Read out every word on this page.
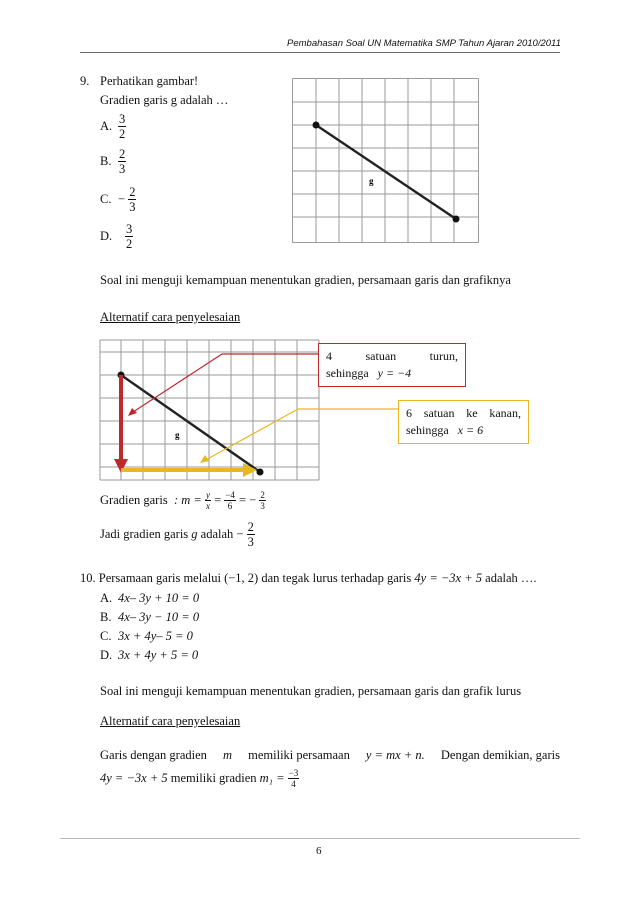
Pembahasan Soal UN Matematika SMP Tahun Ajaran 2010/2011
9. Perhatikan gambar!
Gradien garis g adalah …
A. $\frac{3}{2}$
B. $\frac{2}{3}$
C. − $\frac{2}{3}$
D. $\frac{3}{2}$
g
Soal ini menguji kemampuan menentukan gradien, persamaan garis dan grafiknya
Alternatif cara penyelesaian
g
4 satuan turun,
sehingga y = −4
6 satuan ke kanan,
sehingga x = 6
Gradien garis : $m = \frac{y}{x} = \frac{-4}{6}$ = − $\frac{2}{3}$
Jadi gradien garis g adalah − $\frac{2}{3}$
10. Persamaan garis melalui (−1, 2) dan tegak lurus terhadap garis 4y = −3x + 5 adalah ….
A. 4x– 3y + 10 = 0
B. 4x– 3y − 10 = 0
C. 3x + 4y– 5 = 0
D. 3x + 4y + 5 = 0
Soal ini menguji kemampuan menentukan gradien, persamaan garis dan grafik lurus
Alternatif cara penyelesaian
Garis dengan gradien m memiliki persamaan y = mx + n. Dengan demikian, garis
4y = −3x + 5 memiliki gradien $m_1 = \frac{-3}{4}$
6
